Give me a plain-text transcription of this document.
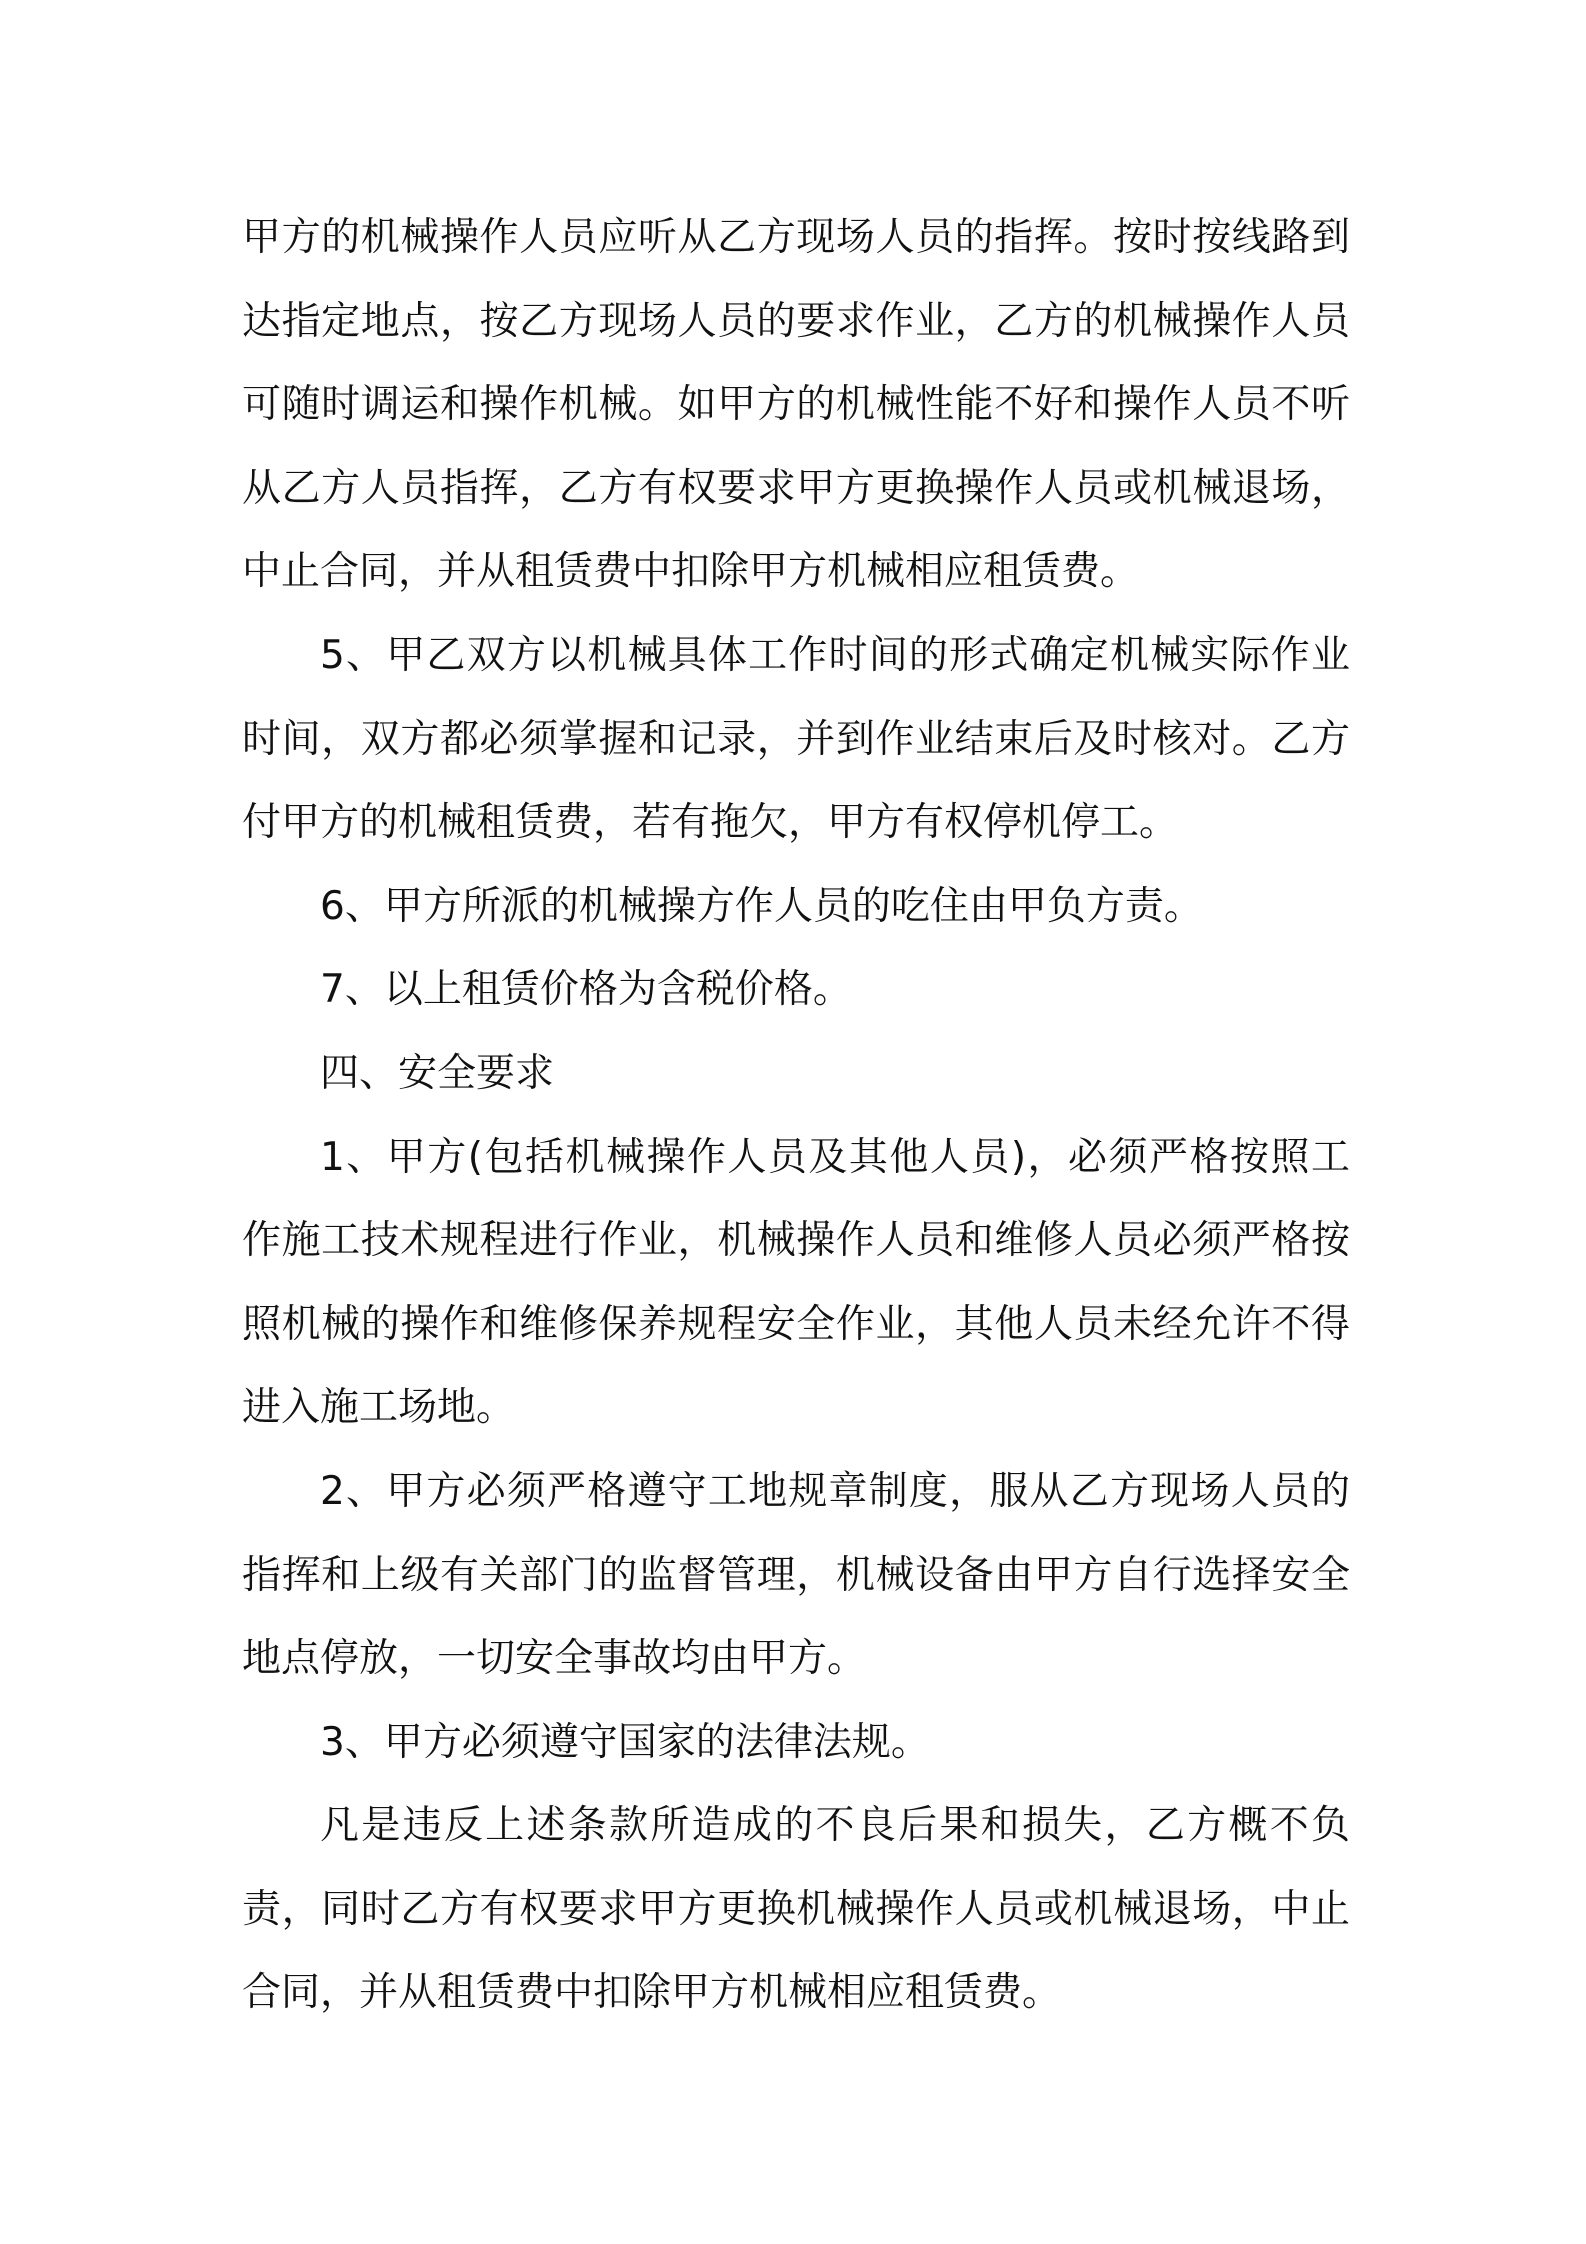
甲方的机械操作人员应听从乙方现场人员的指挥。按时按线路到达指定地点，按乙方现场人员的要求作业，乙方的机械操作人员可随时调运和操作机械。如甲方的机械性能不好和操作人员不听从乙方人员指挥，乙方有权要求甲方更换操作人员或机械退场，中止合同，并从租赁费中扣除甲方机械相应租赁费。

5、甲乙双方以机械具体工作时间的形式确定机械实际作业时间，双方都必须掌握和记录，并到作业结束后及时核对。乙方付甲方的机械租赁费，若有拖欠，甲方有权停机停工。

6、甲方所派的机械操方作人员的吃住由甲负方责。

7、以上租赁价格为含税价格。

四、安全要求

1、甲方(包括机械操作人员及其他人员)，必须严格按照工作施工技术规程进行作业，机械操作人员和维修人员必须严格按照机械的操作和维修保养规程安全作业，其他人员未经允许不得进入施工场地。

2、甲方必须严格遵守工地规章制度，服从乙方现场人员的指挥和上级有关部门的监督管理，机械设备由甲方自行选择安全地点停放，一切安全事故均由甲方。

3、甲方必须遵守国家的法律法规。

凡是违反上述条款所造成的不良后果和损失，乙方概不负责，同时乙方有权要求甲方更换机械操作人员或机械退场，中止合同，并从租赁费中扣除甲方机械相应租赁费。
